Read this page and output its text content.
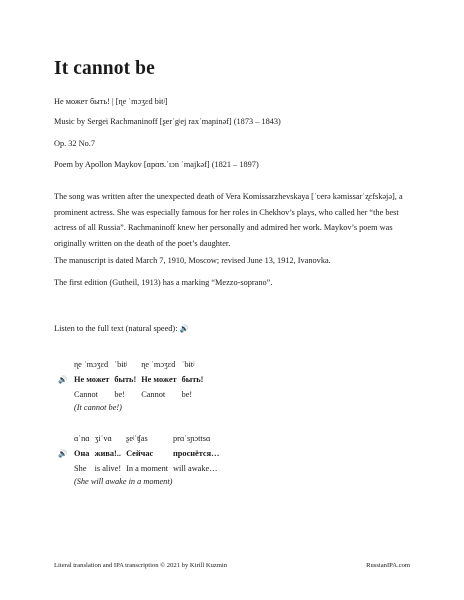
It cannot be
Не может быть! | [ɳe ˈmɔʒɛd bɨtʲ]
Music by Sergei Rachmaninoff [ʂerˈgʲej raxˈmaɲinəf] (1873 – 1843)
Op. 32 No.7
Poem by Apollon Maykov [ɑpɑʊ.ˈɪɔn ˈmajkəf] (1821 – 1897)

The song was written after the unexpected death of Vera Komissarzhevskaya [ˈʋerə kəmissarˈʐɛfskəjə], a prominent actress. She was especially famous for her roles in Chekhov’s plays, who called her “the best actress of all Russia”. Rachmaninoff knew her personally and admired her work. Maykov’s poem was originally written on the death of the poet’s daughter.

The manuscript is dated March 7, 1910, Moscow; revised June 13, 1912, Ivanovka.

The first edition (Gutheil, 1913) has a marking “Mezzo-soprano”.

Listen to the full text (natural speed): 🔊
	ɳe ˈmɔʒɛd	ˈbɨtʲ	ɳe ˈmɔʒɛd	ˈbɨtʲ
🔊	Не может	быть!	Не может	быть!
	Cannot	be!	Cannot	be!
(It cannot be!)
	ɑˈnɑ	ʒiˈvɑ	ʂeʲˈʧas	prɑˈsɲɔttsɑ
🔊	Она	жива!..	Сейчас	проснётся…
	She	is alive!	In a moment	will awake…
(She will awake in a moment)
Literal translation and IPA transcription © 2021 by Kirill Kuzmin	RussianIPA.com
